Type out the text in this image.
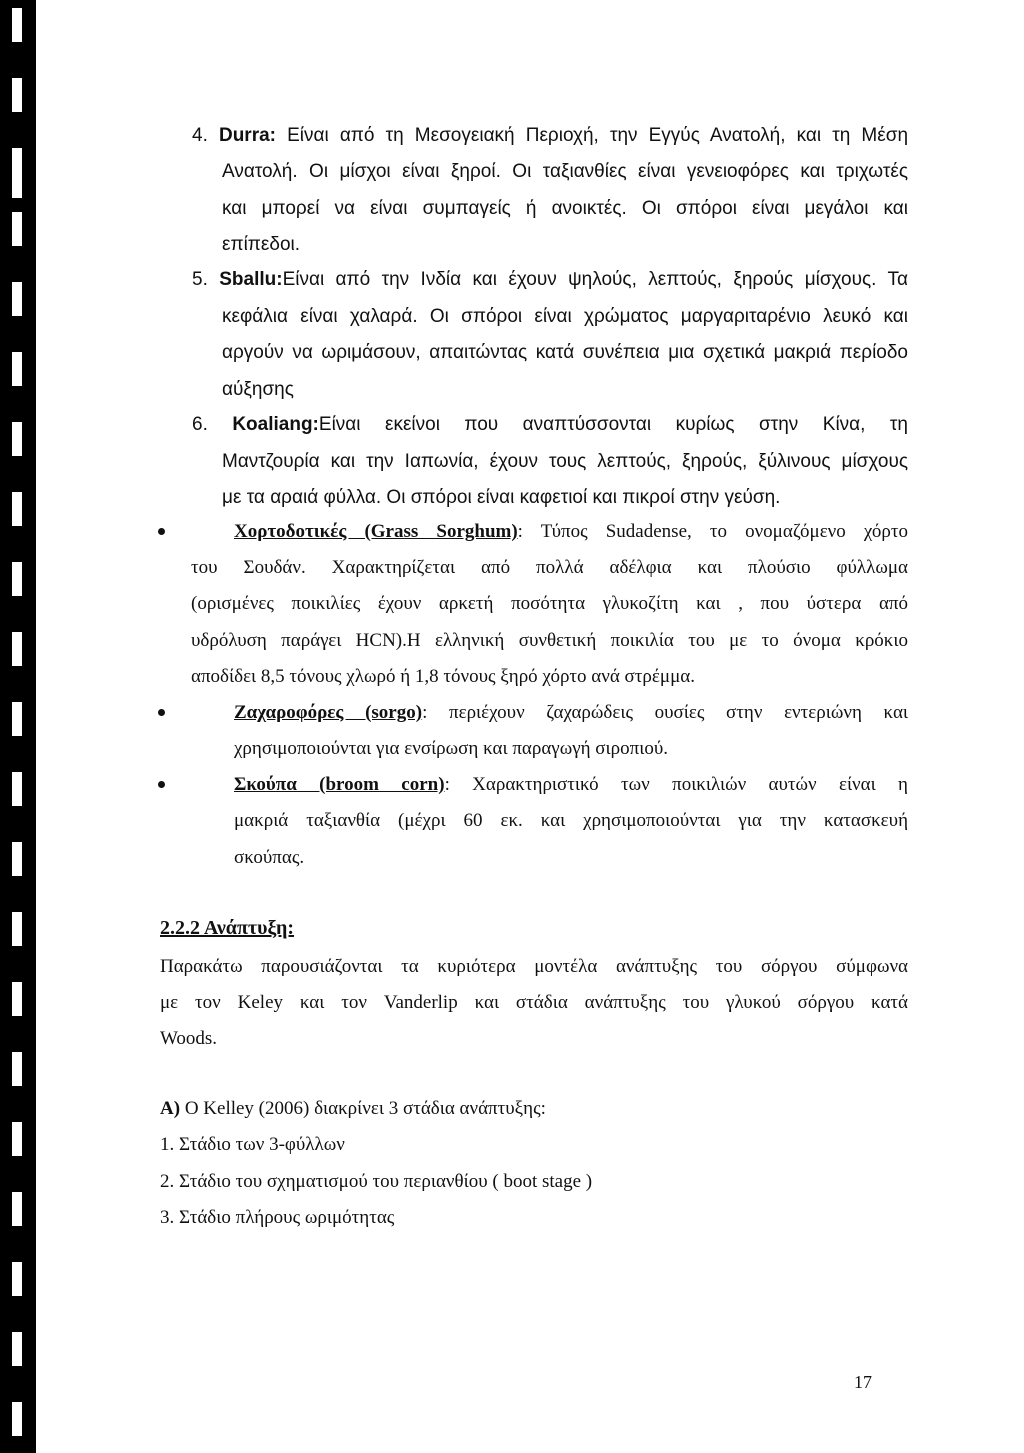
4. Durra: Είναι από τη Μεσογειακή Περιοχή, την Εγγύς Ανατολή, και τη Μέση
Ανατολή. Οι μίσχοι είναι ξηροί. Οι ταξιανθίες είναι γενειοφόρες και τριχωτές
και μπορεί να είναι συμπαγείς ή ανοικτές. Οι σπόροι είναι μεγάλοι και
επίπεδοι.
5. Sballu:Είναι από την Ινδία και έχουν ψηλούς, λεπτούς, ξηρούς μίσχους. Τα
κεφάλια είναι χαλαρά. Οι σπόροι είναι χρώματος μαργαριταρένιο λευκό και
αργούν να ωριμάσουν, απαιτώντας κατά συνέπεια μια σχετικά μακριά περίοδο
αύξησης
6. Koaliang:Είναι εκείνοι που αναπτύσσονται κυρίως στην Κίνα, τη
Μαντζουρία και την Ιαπωνία, έχουν τους λεπτούς, ξηρούς, ξύλινους μίσχους
με τα αραιά φύλλα. Οι σπόροι είναι καφετιοί και πικροί στην γεύση.
Χορτοδοτικές (Grass Sorghum): Τύπος Sudadense, το ονομαζόμενο χόρτο
του Σουδάν. Χαρακτηρίζεται από πολλά αδέλφια και πλούσιο φύλλωμα
(ορισμένες ποικιλίες έχουν αρκετή ποσότητα γλυκοζίτη και , που ύστερα από
υδρόλυση παράγει HCN).Η ελληνική συνθετική ποικιλία του με το όνομα κρόκιο
αποδίδει 8,5 τόνους χλωρό ή 1,8 τόνους ξηρό χόρτο ανά στρέμμα.
Ζαχαροφόρες (sorgo): περιέχουν ζαχαρώδεις ουσίες στην εντεριώνη και
χρησιμοποιούνται για ενσίρωση και παραγωγή σιροπιού.
Σκούπα (broom corn): Χαρακτηριστικό των ποικιλιών αυτών είναι η
μακριά ταξιανθία (μέχρι 60 εκ. και χρησιμοποιούνται για την κατασκευή
σκούπας.
2.2.2 Ανάπτυξη:
Παρακάτω παρουσιάζονται τα κυριότερα μοντέλα ανάπτυξης του σόργου σύμφωνα
με τον Keley και τον Vanderlip και στάδια ανάπτυξης του γλυκού σόργου κατά
Woods.
A) O Kelley (2006) διακρίνει 3 στάδια ανάπτυξης:
1. Στάδιο των 3-φύλλων
2. Στάδιο του σχηματισμού του περιανθίου ( boot stage )
3. Στάδιο πλήρους ωριμότητας
17
